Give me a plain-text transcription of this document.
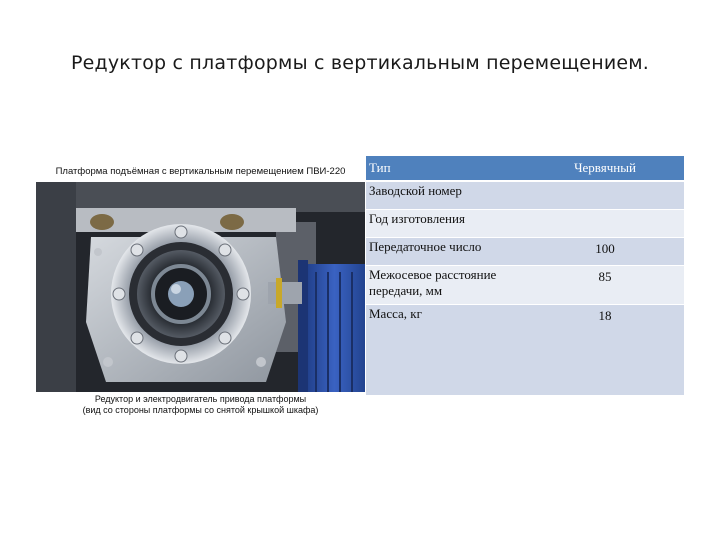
Редуктор с платформы с вертикальным перемещением.
Платформа подъёмная с вертикальным перемещением ПВИ-220
Редуктор и электродвигатель привода платформы
(вид со стороны платформы со снятой крышкой шкафа)
Тип	Червячный
Заводской номер	
Год изготовления	
Передаточное число	100
Межосевое расстояние передачи, мм	85
Масса, кг	18
